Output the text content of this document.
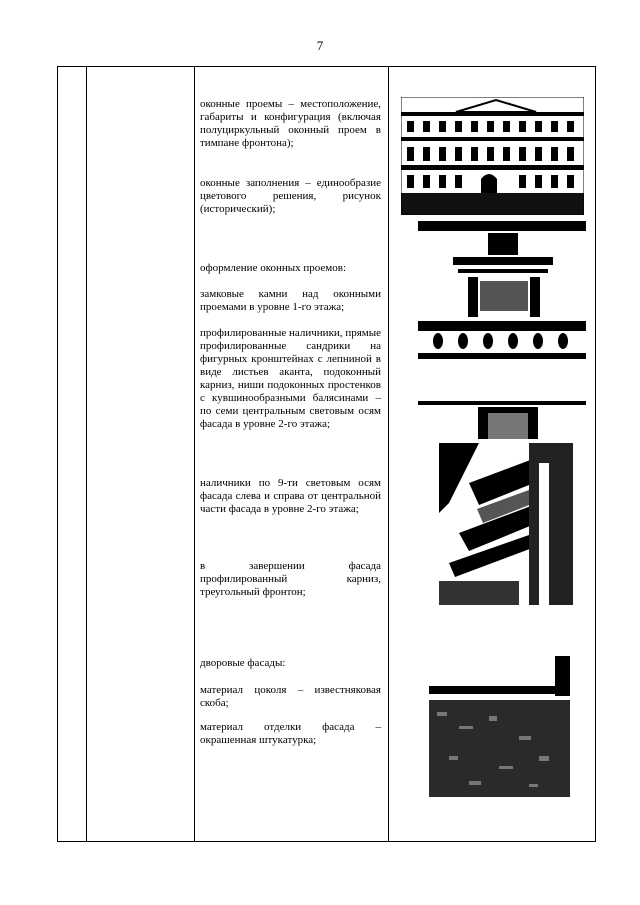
7
оконные проемы – местоположение, габариты и конфигурация (включая полуциркульный оконный проем в тимпане фронтона);
оконные заполнения – единообразие цветового решения, рисунок (исторический);
оформление оконных проемов:
замковые камни над оконными проемами в уровне 1-го этажа;
профилированные наличники, прямые профилированные сандрики на фигурных кронштейнах с лепниной в виде листьев аканта, подоконный карниз, ниши подоконных простенков с кувшинообразными балясинами – по семи центральным световым осям фасада в уровне 2-го этажа;
наличники по 9-ти световым осям фасада слева и справа от центральной части фасада в уровне 2-го этажа;
в завершении фасада профилированный карниз, треугольный фронтон;
дворовые фасады:
материал цоколя – известняковая скоба;
материал отделки фасада – окрашенная штукатурка;
